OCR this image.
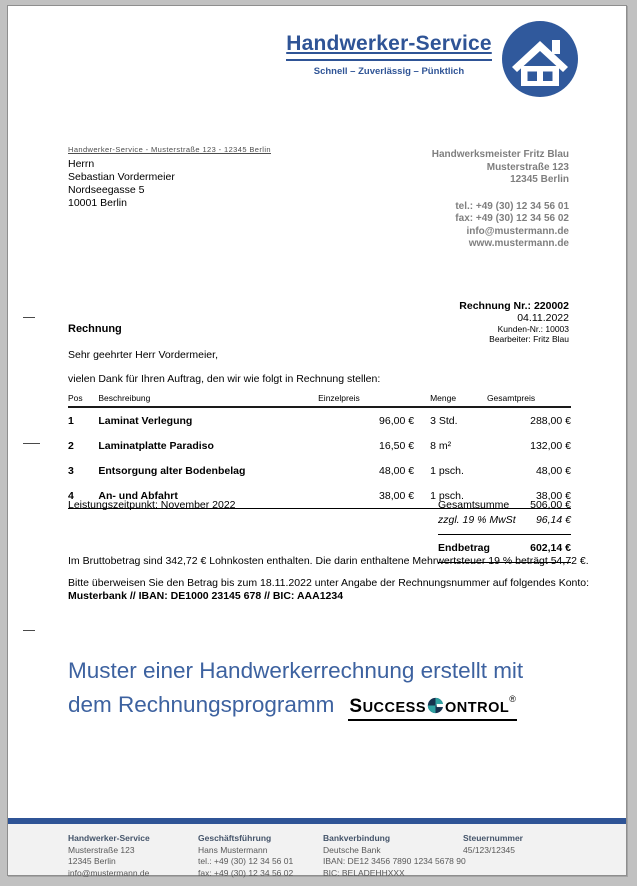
Handwerker-Service
Schnell – Zuverlässig – Pünktlich
Handwerker-Service - Musterstraße 123 - 12345 Berlin
Herrn
Sebastian Vordermeier
Nordseegasse 5
10001 Berlin
Handwerksmeister Fritz Blau
Musterstraße 123
12345 Berlin
tel.: +49 (30) 12 34 56 01
fax: +49 (30) 12 34 56 02
info@mustermann.de
www.mustermann.de
Rechnung Nr.: 220002
04.11.2022
Kunden-Nr.: 10003
Bearbeiter: Fritz Blau
Rechnung
Sehr geehrter Herr Vordermeier,
vielen Dank für Ihren Auftrag, den wir wie folgt in Rechnung stellen:
Pos	Beschreibung	Einzelpreis	Menge	Gesamtpreis
1	Laminat Verlegung	96,00 €	3 Std.	288,00 €
2	Laminatplatte Paradiso	16,50 €	8 m²	132,00 €
3	Entsorgung alter Bodenbelag	48,00 €	1 psch.	48,00 €
4	An- und Abfahrt	38,00 €	1 psch.	38,00 €
Leistungszeitpunkt: November 2022	Gesamtsumme 506,00 €
zzgl. 19 % MwSt 96,14 €
Endbetrag	602,14 €
Im Bruttobetrag sind 342,72 € Lohnkosten enthalten. Die darin enthaltene Mehrwertsteuer 19 % beträgt 54,72 €.
Bitte überweisen Sie den Betrag bis zum 18.11.2022 unter Angabe der Rechnungsnummer auf folgendes Konto:
Musterbank // IBAN: DE1000 23145 678 // BIC: AAA1234
Muster einer Handwerkerrechnung erstellt mit
dem Rechnungsprogramm SUCCESS ONTROL®
Handwerker-Service
Musterstraße 123
12345 Berlin
info@mustermann.de
Geschäftsführung
Hans Mustermann
tel.: +49 (30) 12 34 56 01
fax: +49 (30) 12 34 56 02
Bankverbindung
Deutsche Bank
IBAN: DE12 3456 7890 1234 5678 90
BIC: BELADEHHXXX
Steuernummer
45/123/12345
